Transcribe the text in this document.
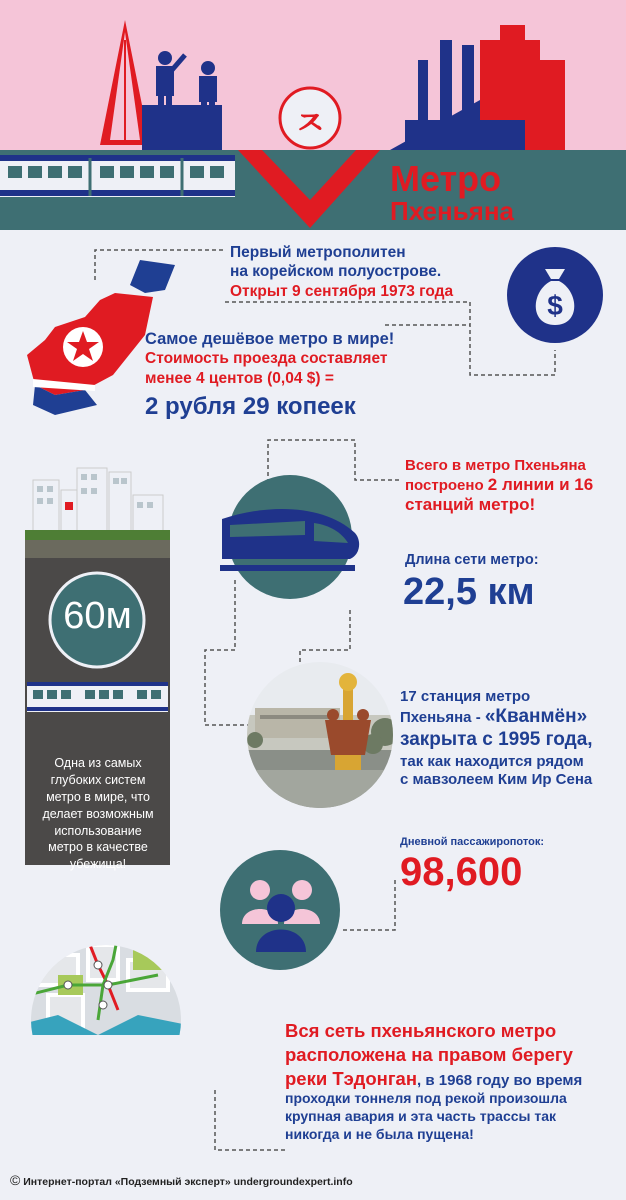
ㅈ
Метро
Пхеньяна
$
Первый метрополитен
на корейском полуострове.
Открыт 9 сентября 1973 года
Самое дешёвое метро в мире!
Стоимость проезда составляет
менее 4 центов (0,04 $) =
2 рубля 29 копеек
60м
Одна из самых глубоких систем метро в мире, что делает возможным использование метро в качестве убежища!
Всего в метро Пхеньяна
построено 2 линии и 16
станций метро!
Длина сети метро:
22,5 км
17 станция метро
Пхеньяна - «Кванмён»
закрыта с 1995 года,
так как находится рядом
с мавзолеем Ким Ир Сена
Дневной пассажиропоток:
98,600
Вся сеть пхеньянского метро
расположена на правом берегу
реки Тэдонган, в 1968 году во время
проходки тоннеля под рекой произошла
крупная авария и эта часть трассы так
никогда и не была пущена!
© Интернет-портал «Подземный эксперт» undergroundexpert.info
